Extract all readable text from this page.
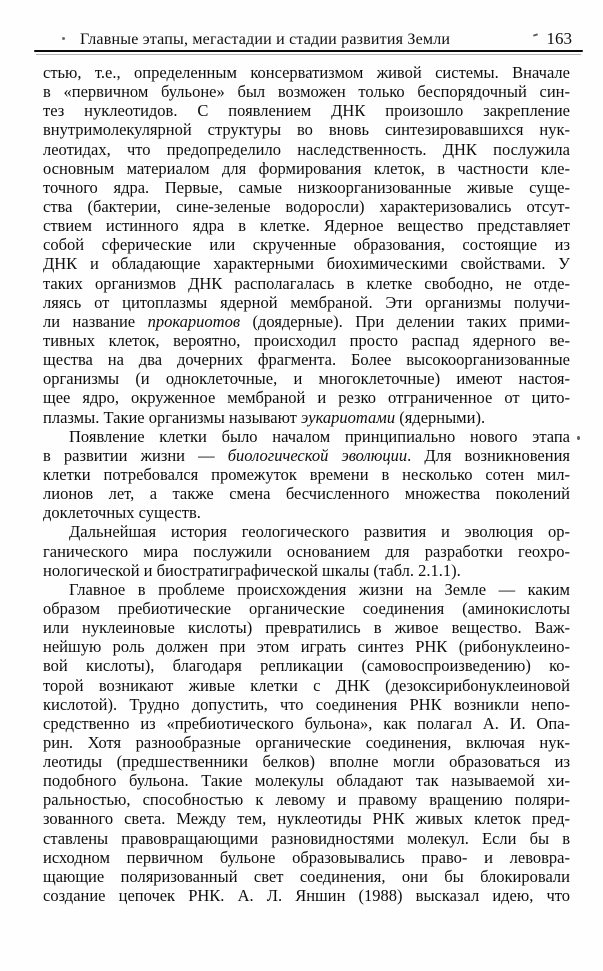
Главные этапы, мегастадии и стадии развития Земли	163
стью, т.е., определенным консерватизмом живой системы. Вначале
в «первичном бульоне» был возможен только беспорядочный син-
тез нуклеотидов. С появлением ДНК произошло закрепление
внутримолекулярной структуры во вновь синтезировавшихся нук-
леотидах, что предопределило наследственность. ДНК послужила
основным материалом для формирования клеток, в частности кле-
точного ядра. Первые, самые низкоорганизованные живые суще-
ства (бактерии, сине-зеленые водоросли) характеризовались отсут-
ствием истинного ядра в клетке. Ядерное вещество представляет
собой сферические или скрученные образования, состоящие из
ДНК и обладающие характерными биохимическими свойствами. У
таких организмов ДНК располагалась в клетке свободно, не отде-
ляясь от цитоплазмы ядерной мембраной. Эти организмы получи-
ли название прокариотов (доядерные). При делении таких прими-
тивных клеток, вероятно, происходил просто распад ядерного ве-
щества на два дочерних фрагмента. Более высокоорганизованные
организмы (и одноклеточные, и многоклеточные) имеют настоя-
щее ядро, окруженное мембраной и резко отграниченное от цито-
плазмы. Такие организмы называют эукариотами (ядерными).
Появление клетки было началом принципиально нового этапа
в развитии жизни — биологической эволюции. Для возникновения
клетки потребовался промежуток времени в несколько сотен мил-
лионов лет, а также смена бесчисленного множества поколений
доклеточных существ.
Дальнейшая история геологического развития и эволюция ор-
ганического мира послужили основанием для разработки геохро-
нологической и биостратиграфической шкалы (табл. 2.1.1).
Главное в проблеме происхождения жизни на Земле — каким
образом пребиотические органические соединения (аминокислоты
или нуклеиновые кислоты) превратились в живое вещество. Важ-
нейшую роль должен при этом играть синтез РНК (рибонуклеино-
вой кислоты), благодаря репликации (самовоспроизведению) ко-
торой возникают живые клетки с ДНК (дезоксирибонуклеиновой
кислотой). Трудно допустить, что соединения РНК возникли непо-
средственно из «пребиотического бульона», как полагал А. И. Опа-
рин. Хотя разнообразные органические соединения, включая нук-
леотиды (предшественники белков) вполне могли образоваться из
подобного бульона. Такие молекулы обладают так называемой хи-
ральностью, способностью к левому и правому вращению поляри-
зованного света. Между тем, нуклеотиды РНК живых клеток пред-
ставлены правовращающими разновидностями молекул. Если бы в
исходном первичном бульоне образовывались право- и левовра-
щающие поляризованный свет соединения, они бы блокировали
создание цепочек РНК. А. Л. Яншин (1988) высказал идею, что
